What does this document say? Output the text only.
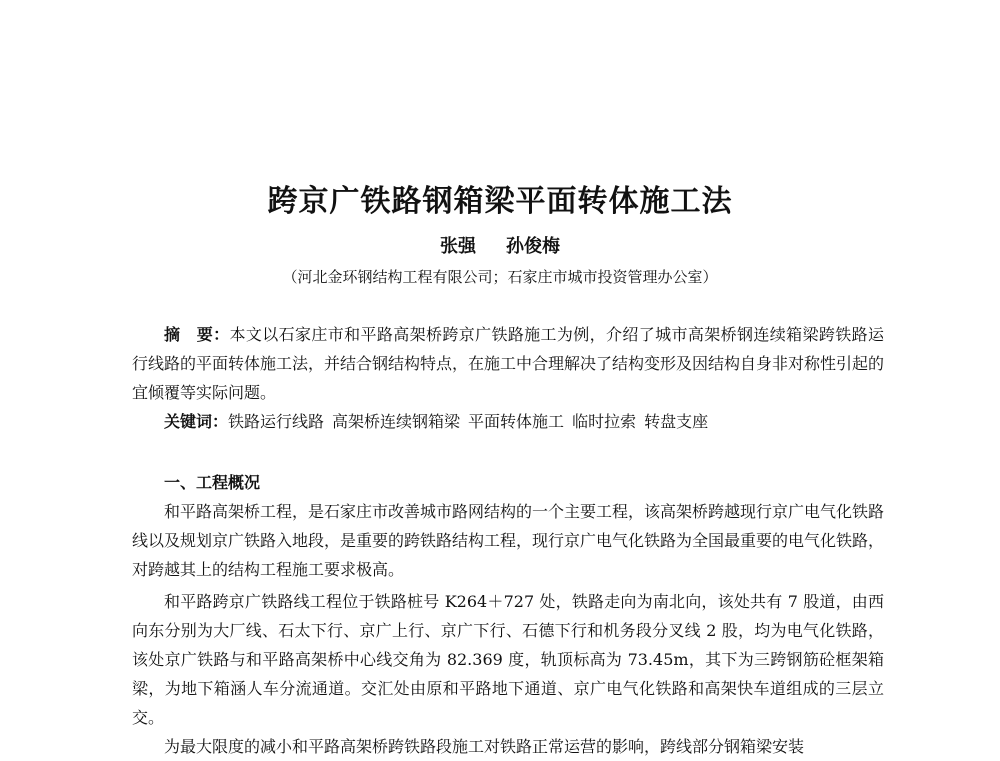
跨京广铁路钢箱梁平面转体施工法
张强 孙俊梅
（河北金环钢结构工程有限公司；石家庄市城市投资管理办公室）

摘　要：本文以石家庄市和平路高架桥跨京广铁路施工为例，介绍了城市高架桥钢连续箱梁跨铁路运行线路的平面转体施工法，并结合钢结构特点，在施工中合理解决了结构变形及因结构自身非对称性引起的宜倾覆等实际问题。

关键词：铁路运行线路 高架桥连续钢箱梁 平面转体施工 临时拉索 转盘支座

一、工程概况

和平路高架桥工程，是石家庄市改善城市路网结构的一个主要工程，该高架桥跨越现行京广电气化铁路线以及规划京广铁路入地段，是重要的跨铁路结构工程，现行京广电气化铁路为全国最重要的电气化铁路，对跨越其上的结构工程施工要求极高。

和平路跨京广铁路线工程位于铁路桩号 K264＋727 处，铁路走向为南北向，该处共有 7 股道，由西向东分别为大厂线、石太下行、京广上行、京广下行、石德下行和机务段分叉线 2 股，均为电气化铁路，该处京广铁路与和平路高架桥中心线交角为 82.369 度，轨顶标高为 73.45m，其下为三跨钢筋砼框架箱梁，为地下箱涵人车分流通道。交汇处由原和平路地下通道、京广电气化铁路和高架快车道组成的三层立交。

为最大限度的减小和平路高架桥跨铁路段施工对铁路正常运营的影响，跨线部分钢箱梁安装
